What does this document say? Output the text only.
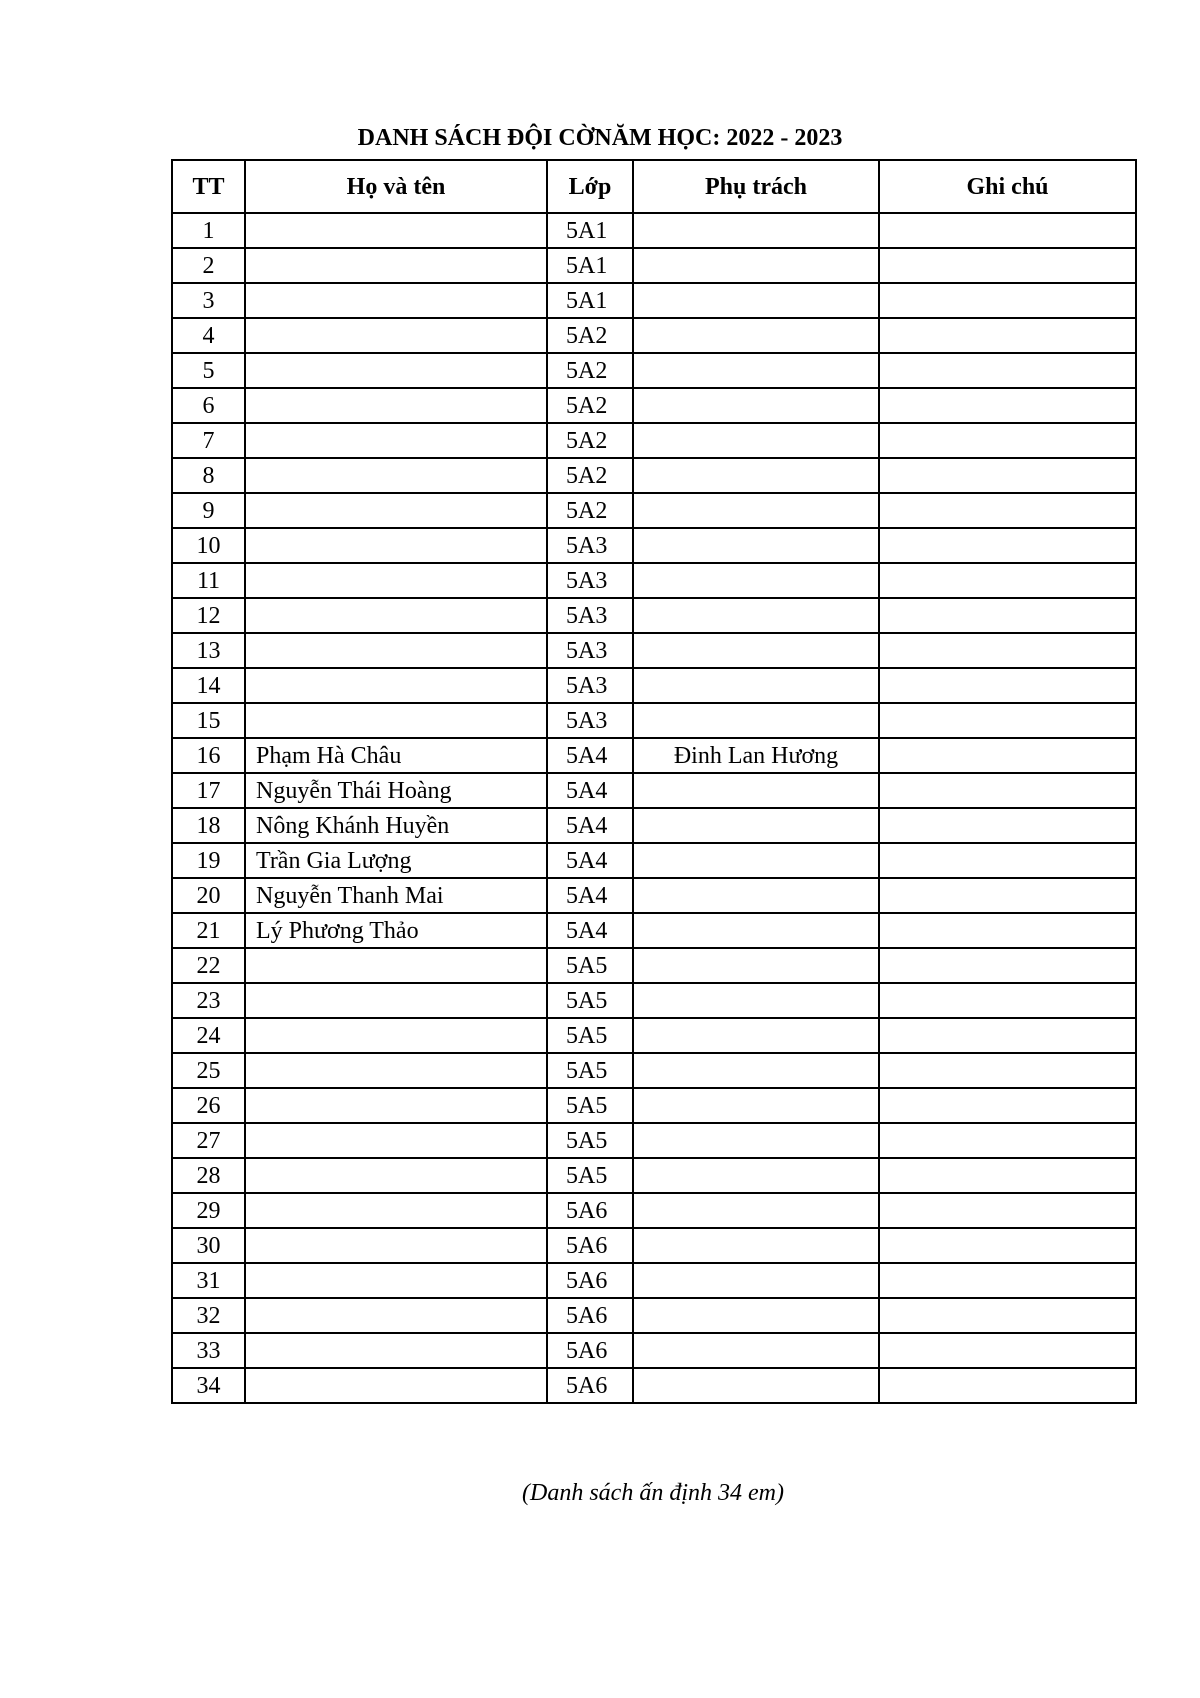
DANH SÁCH ĐỘI CỜNĂM HỌC: 2022 - 2023
TT	Họ và tên	Lớp	Phụ trách	Ghi chú
1		5A1		
2		5A1		
3		5A1		
4		5A2		
5		5A2		
6		5A2		
7		5A2		
8		5A2		
9		5A2		
10		5A3		
11		5A3		
12		5A3		
13		5A3		
14		5A3		
15		5A3		
16	Phạm Hà Châu	5A4	Đinh Lan Hương	
17	Nguyễn Thái Hoàng	5A4		
18	Nông Khánh Huyền	5A4		
19	Trần Gia Lượng	5A4		
20	Nguyễn Thanh Mai	5A4		
21	Lý Phương Thảo	5A4		
22		5A5		
23		5A5		
24		5A5		
25		5A5		
26		5A5		
27		5A5		
28		5A5		
29		5A6		
30		5A6		
31		5A6		
32		5A6		
33		5A6		
34		5A6		
(Danh sách ấn định 34 em)
